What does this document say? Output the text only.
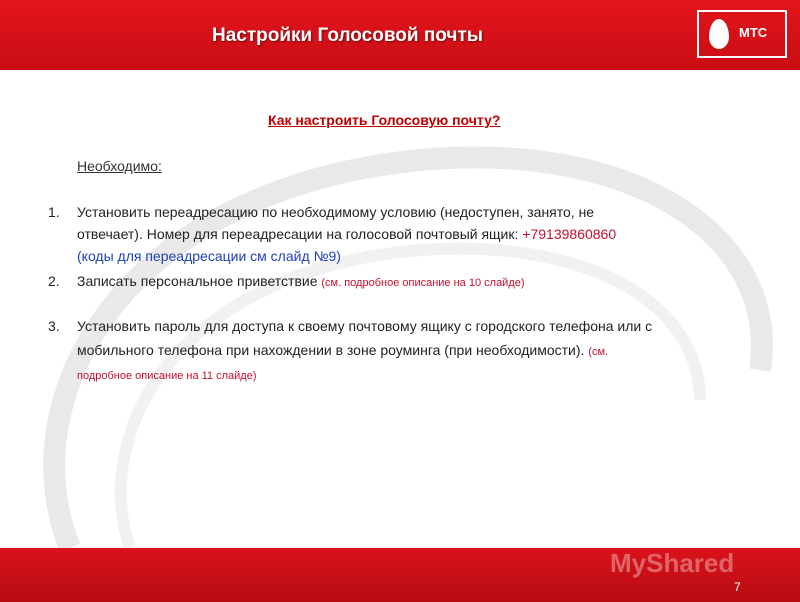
Настройки Голосовой почты	МТС
Как настроить Голосовую почту?
Необходимо:
1. Установить переадресацию по необходимому условию (недоступен, занято, не
отвечает). Номер для переадресации на голосовой почтовый ящик: +79139860860
(коды для переадресации см слайд №9)
2. Записать персональное приветствие (см. подробное описание на 10 слайде)
3. Установить пароль для доступа к своему почтовому ящику с городского телефона или с
мобильного телефона при нахождении в зоне роуминга (при необходимости). (см.
подробное описание на 11 слайде)
MyShared
7
